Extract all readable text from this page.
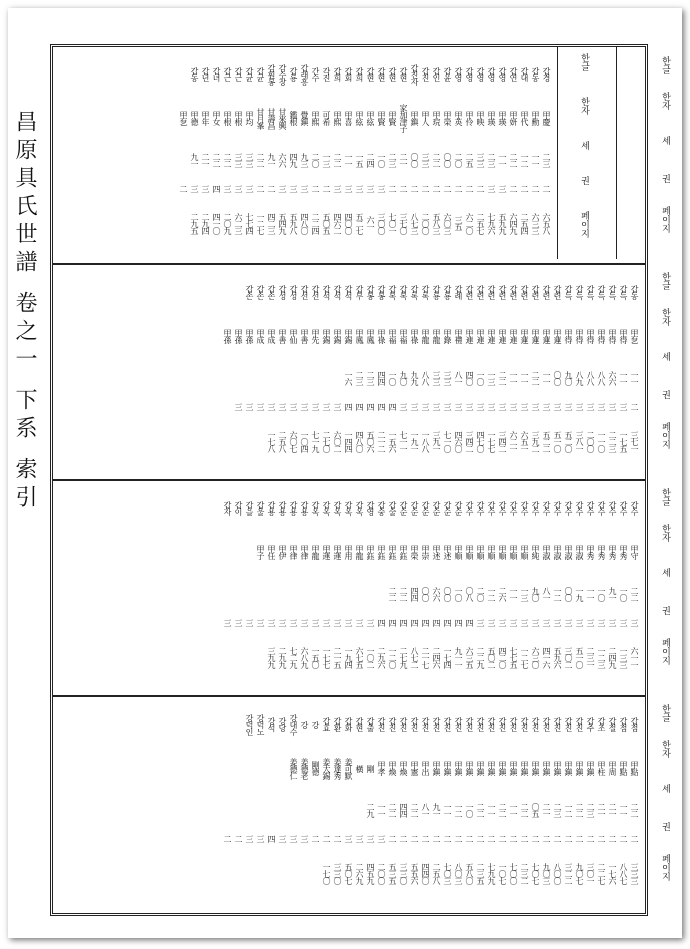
昌原具氏世譜 卷之一 下系 索引
한글한자세권페이지
갑경
갑동
갑대
갑연
갑영
갑영
갑영
갑영
갑영
갑윤
갑인
갑진
갑진자
갑현
갑현
갑현
갑현
갑희
갑회
갑희
각진
간수
갑래흥
갑룡
감수창
감훤봉
갑균
갑균
갑근
갑근
갑녀
갑년
갑동
甲慶
甲勳
甲代
甲妍
甲瑛
甲瑛
甲映
甲伶
甲英
甲榮
甲琓
甲人
甲鎮
家加津子
甲賢
甲賢
甲絃
甲絃
甲喜
甲熙
可希
甲熙
覺鎭
鑑根
甘來興
甘壽昌
甘月峯
甲均
甲根
甲根
甲女
甲年
甲德
甲乭
二三
一一
一二
二二
一一
二三
三三
二五
二〇
〇〇
二二
三三
〇〇
二一
二三
一〇
二四
一五
一一
二二
一三
二〇
九三
四九
六六
九一
二二
三三
三三
二二
二二
二一
九一
二
二
二
二
三
三
二
二
二
二
二
二
二
二
二
三
三
三
三
三
二
二
三
三
三
二
二
三
三
三
四
三
三
二
六五八
六三三
二五四
六四九
五九九
七九六
二五七
六二〇
三五
六〇三
五八三
二〇〇
八七三
三七〇
七〇一
三〇〇
六一
五二七
四〇〇
四六二
五〇五
二二四
四八〇
五九八
五四九
四二三
一二七
七七四
六二三
二〇九
四一〇
二九四
二九五
갑동
갑득
갑득
갑득
갑득
갑득
갑득
갑련
갑련
갑련
갑련
갑련
갑련
갑련
갑련
갑련
갑례
갑룡
갑룡
갑록
갑록
갑복
갑복
갑봉
갑봉
갑부
갑석
갑석
갑석
갑선
갑선
갑성
갑성
갑손
갑손
갑손
甲乭
甲得
甲得
甲得
甲得
甲得
甲得
甲蓮
甲蓮
甲蓮
甲蓮
甲連
甲連
甲連
甲連
甲連
甲禮
甲錄
甲龍
甲龍
甲祿
甲福
甲福
甲祿
甲鳳
甲鳳
甲錫
甲錫
甲錫
甲先
甲善
甲仙
甲善
甲成
甲成
甲孫
甲孫
甲孫
一一
一一
六六
八八
八八
八九
九〇
〇〇
一一
二二
一一
一一
二二
一三
一〇
四〇
八一
三三
三三
八八
九九
九〇
一〇
四四
二三
二三
一六
二
三
三
三
三
三
三
三
三
三
三
三
三
三
三
三
三
三
三
三
三
三
四
四
四
四
四
三
三
三
三
三
三
三
三
三
三
三七一
一七五
二二三
一一〇
二〇〇
三八一
五二〇
五一〇
五二二
三九二
六五一
六二一
三四二
一七七
四七〇
三四二
四六〇
七一〇
三九一
一八八
一九一
七一一
一五六
二一二
五〇六
四八〇
一四四
六〇二
二七〇
七一九
一〇四
六〇七
二五八
一七八
갑수
갑수
갑수
갑수
갑수
갑수
갑수
갑수
갑수
갑수
갑수
갑수
갑수
갑수
갑수
갑수
갑순
갑순
갑순
갑순
갑순
갑순
갑술
갑숭
갑영
갑옥
갑옥
갑옥
갑옥
갑옥
갑용
갑용
갑용
갑용
갑울
갑을
갑이
갑자
甲守
甲秀
甲秀
甲秀
甲秀
甲淑
甲淑
甲淑
甲淑
甲純
甲順
甲順
甲順
甲順
甲順
甲順
甲順
甲述
甲述
甲崇
甲榮
甲鈺
甲鈺
甲鈺
甲鈺
甲龍
甲用
甲運
甲運
甲龍
甲律
甲律
甲伊
甲任
甲子
二二
一〇
九一
一〇
一一
一九
〇〇
一二
八一
九〇
一三
一一
二六
一二
二〇
〇八
一〇
〇〇
六六
〇〇
四四
二二
二二
三
三
三
三
三
三
三
三
三
三
三
三
三
三
三
四
四
四
四
四
四
四
四
四
三
三
三
三
三
三
三
三
三
三
三
三
三
三
六一一
一三三
二四九
一二三
二三一
五一〇
三〇二
五九六
四一六
六三〇
一二七
七七五
四二〇
五〇二
二二九
六三五
九一一
一七四
二四六
二一七
八七二
二七九
一二〇
二九六
一〇二
六七五
一九四
二一五
一七七
一五〇
六八九
七二九
二九九
三九九
갑점
갑점
갑절
갑조
갑주
갑진
갑진
갑진
갑진
갑진
갑진
갑진
갑진
갑진
갑진
갑진
갑진
갑진
갑진
갑진
갑진
갑진
갑진
갑진
갑출
갑현
갑화
갑환
갑효
강
강
강대수
강당
강석
강덕노
강덕인
甲點
甲點
甲周
甲柱
甲鎭
甲鎭
甲鎭
甲鎭
甲鎭
甲鎭
甲鎭
甲鎭
甲鎭
甲鎭
甲鎭
甲鎭
甲鎭
甲鎭
甲鎭
甲出
甲憲
甲煥
甲煥
甲孝
剛
橫
姜可默
姜達秀
姜大錫
剛德
姜德老
姜德仁
二二
一一
二一
二一
二三
二二
一二
二三
二一
〇五
二二
一一
二二
一一
二二
一〇
一二
一一
九一
八一
二二
四四
二二
一一
二九
二
二
二
二
二
二
二
二
二
二
二
二
二
二
二
二
二
二
二
二
二
二
二
三
三
三
三
二
二
二
三
三
三
四
三
三
二
二
三三三
八八七
一七六
二二七
三〇一
九〇七
三二二
八〇〇
九〇三
七〇七
二三二
七〇〇
一〇七
七九九
二三五
五八〇
八〇三
七〇三
二五八
四四〇
五五六
三三〇
五三五
二〇〇
四五九
二六九
五〇七
三三〇
一七〇
한글
한자
세
권
페이지
한글
한자
세
권
페이지
한글
한자
세
권
페이지
한글
한자
세
권
페이지
